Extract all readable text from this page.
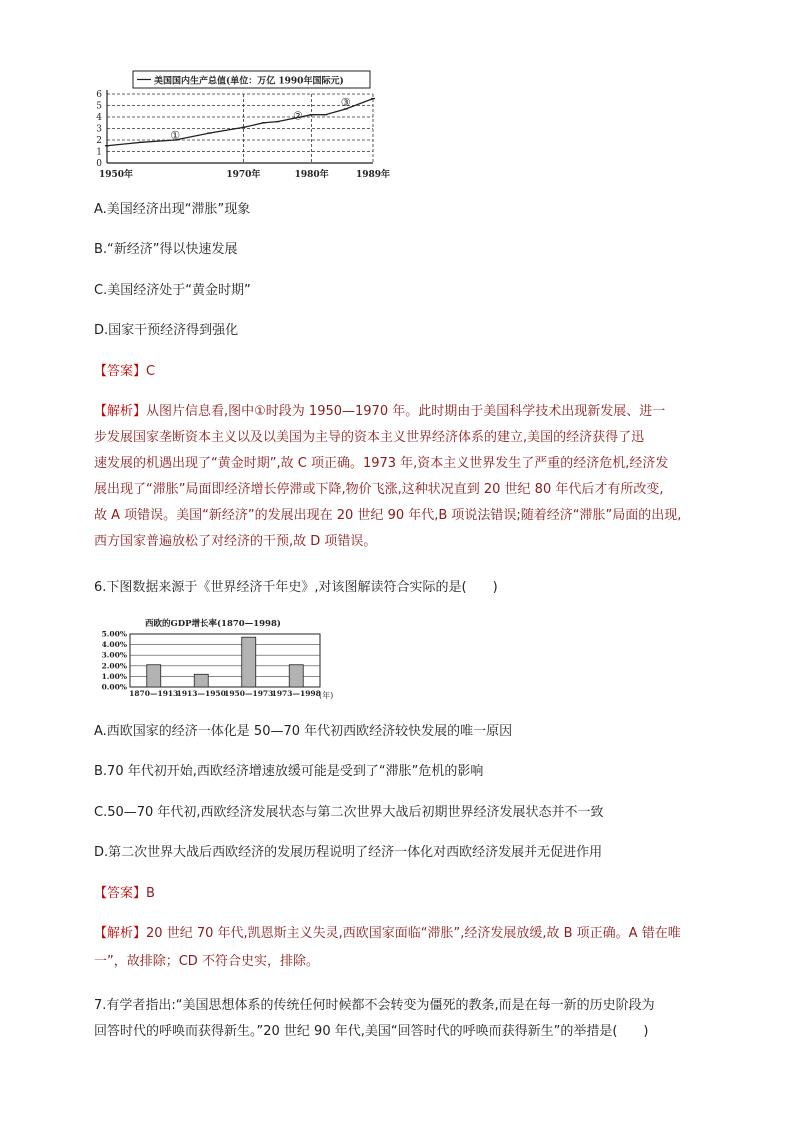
美国国内生产总值(单位：万亿 1990年国际元)
6
5
4
3
2
1
0
1950年	1970年	1980年	1989年
①
②
③
A.美国经济出现“滞胀”现象
B.“新经济”得以快速发展
C.美国经济处于“黄金时期”
D.国家干预经济得到强化
【答案】C
【解析】从图片信息看,图中①时段为 1950—1970 年。此时期由于美国科学技术出现新发展、进一
步发展国家垄断资本主义以及以美国为主导的资本主义世界经济体系的建立,美国的经济获得了迅
速发展的机遇出现了“黄金时期”,故 C 项正确。1973 年,资本主义世界发生了严重的经济危机,经济发
展出现了“滞胀”局面即经济增长停滞或下降,物价飞涨,这种状况直到 20 世纪 80 年代后才有所改变,
故 A 项错误。美国“新经济”的发展出现在 20 世纪 90 年代,B 项说法错误;随着经济“滞胀”局面的出现,
西方国家普遍放松了对经济的干预,故 D 项错误。
6.下图数据来源于《世界经济千年史》,对该图解读符合实际的是(　　)
西欧的GDP增长率(1870—1998)
5.00%
4.00%
3.00%
2.00%
1.00%
0.00%
1870—1913
1913—1950
1950—1973
1973—1998
(年)
A.西欧国家的经济一体化是 50—70 年代初西欧经济较快发展的唯一原因
B.70 年代初开始,西欧经济增速放缓可能是受到了“滞胀”危机的影响
C.50—70 年代初,西欧经济发展状态与第二次世界大战后初期世界经济发展状态并不一致
D.第二次世界大战后西欧经济的发展历程说明了经济一体化对西欧经济发展并无促进作用
【答案】B
【解析】20 世纪 70 年代,凯恩斯主义失灵,西欧国家面临“滞胀”,经济发展放缓,故 B 项正确。A 错在唯
一”，故排除；CD 不符合史实，排除。
7.有学者指出:“美国思想体系的传统任何时候都不会转变为僵死的教条,而是在每一新的历史阶段为
回答时代的呼唤而获得新生。”20 世纪 90 年代,美国“回答时代的呼唤而获得新生”的举措是(　　)
